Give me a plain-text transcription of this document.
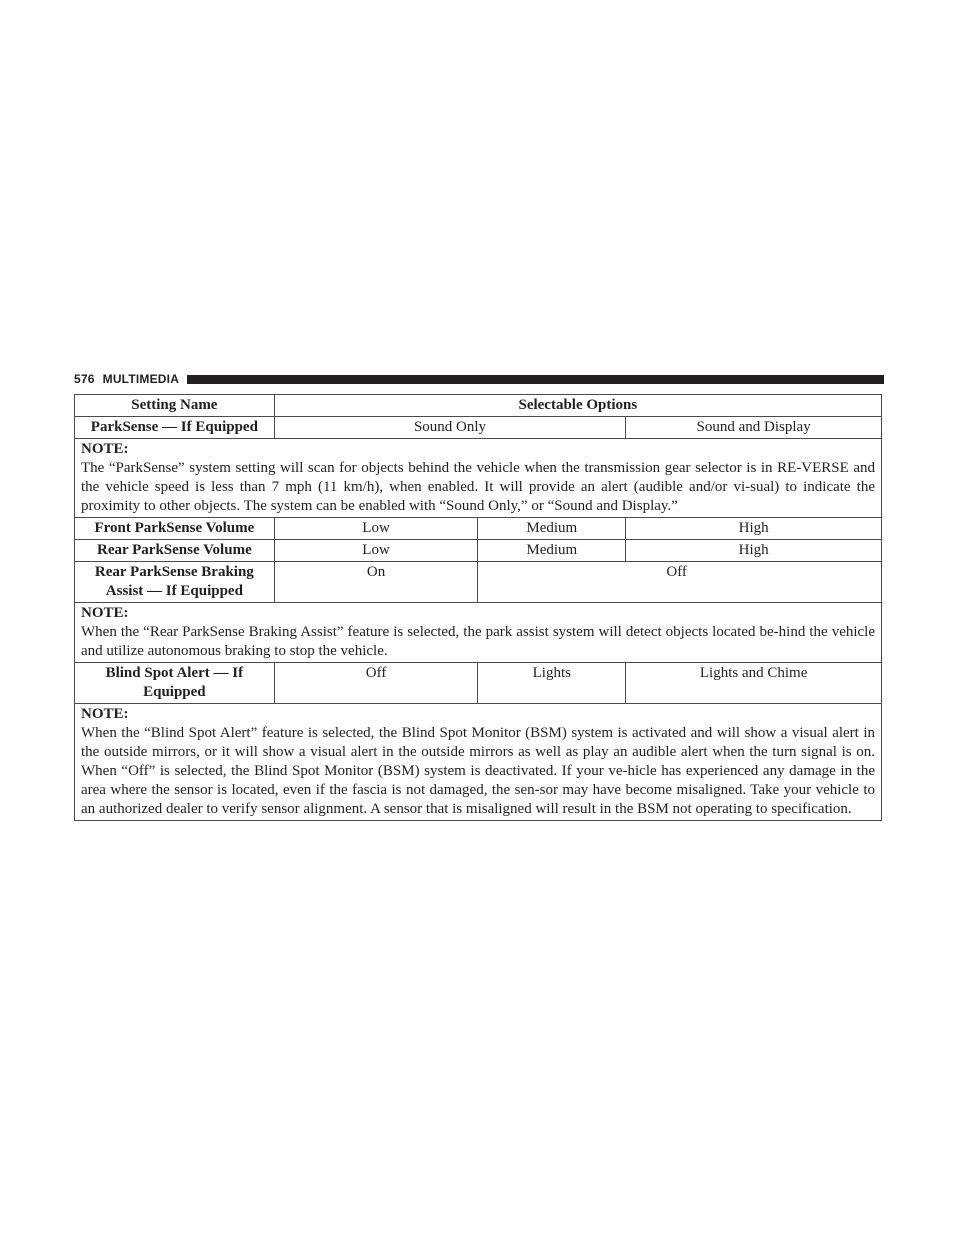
576 MULTIMEDIA
Setting Name	Selectable Options		
ParkSense — If Equipped	Sound Only		Sound and Display

NOTE:
The “ParkSense” system setting will scan for objects behind the vehicle when the transmission gear selector is in RE-VERSE and the vehicle speed is less than 7 mph (11 km/h), when enabled. It will provide an alert (audible and/or vi-sual) to indicate the proximity to other objects. The system can be enabled with “Sound Only,” or “Sound and Display.”			

Front ParkSense Volume	Low	Medium	High
Rear ParkSense Volume	Low	Medium	High
Rear ParkSense Braking
Assist — If Equipped	On	Off	

NOTE:
When the “Rear ParkSense Braking Assist” feature is selected, the park assist system will detect objects located be-hind the vehicle and utilize autonomous braking to stop the vehicle.			

Blind Spot Alert — If
Equipped	Off	Lights	Lights and Chime

NOTE:
When the “Blind Spot Alert” feature is selected, the Blind Spot Monitor (BSM) system is activated and will show a visual alert in the outside mirrors, or it will show a visual alert in the outside mirrors as well as play an audible alert when the turn signal is on. When “Off” is selected, the Blind Spot Monitor (BSM) system is deactivated. If your ve-hicle has experienced any damage in the area where the sensor is located, even if the fascia is not damaged, the sen-sor may have become misaligned. Take your vehicle to an authorized dealer to verify sensor alignment. A sensor that is misaligned will result in the BSM not operating to specification.			
